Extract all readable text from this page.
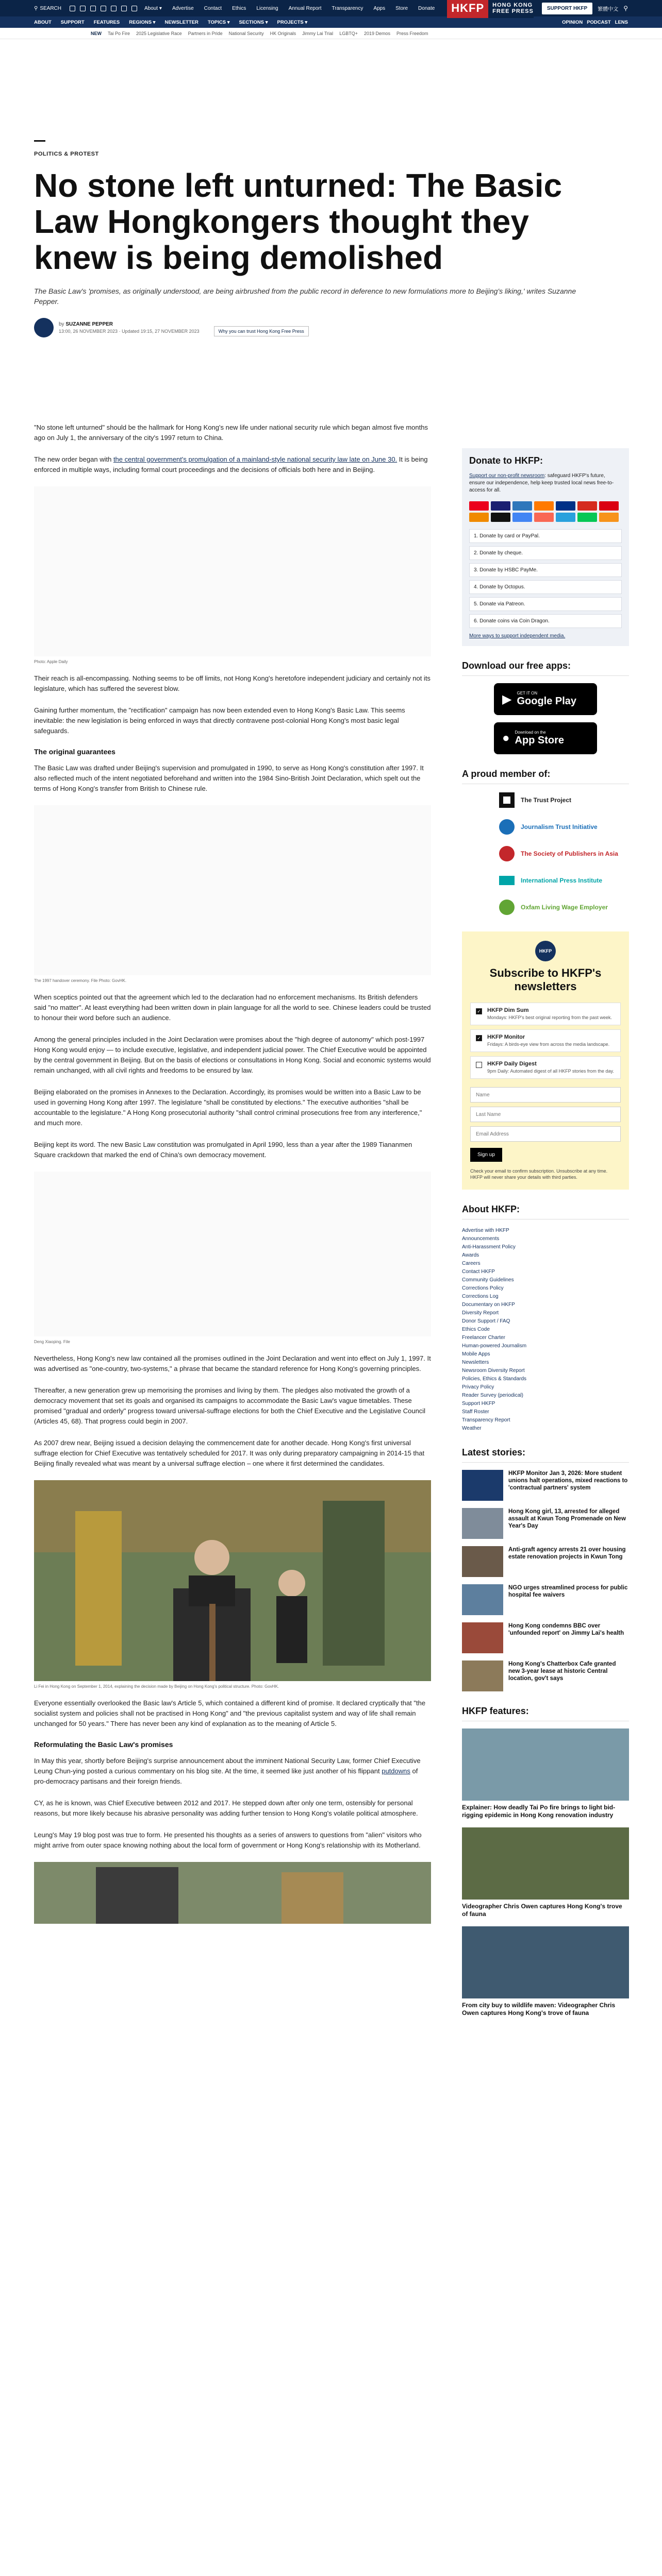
⚲ SEARCH	About ▾ Advertise Contact Ethics Licensing Annual Report Transparency Apps Store Donate	HKFP	HONG KONG
FREE PRESS	SUPPORT HKFP	繁體中文 ⚲
ABOUT SUPPORT FEATURES REGIONS ▾ NEWSLETTER TOPICS ▾ SECTIONS ▾ PROJECTS ▾	OPINION PODCAST LENS
NEW Tai Po Fire 2025 Legislative Race Partners in Pride National Security HK Originals Jimmy Lai Trial LGBTQ+ 2019 Demos Press Freedom
POLITICS & PROTEST
No stone left unturned: The Basic Law Hongkongers thought they knew is being demolished
The Basic Law's 'promises, as originally understood, are being airbrushed from the public record in deference to new formulations more to Beijing's liking,' writes Suzanne Pepper.
by SUZANNE PEPPER
13:00, 26 NOVEMBER 2023 · Updated 19:15, 27 NOVEMBER 2023	Why you can trust Hong Kong Free Press

"No stone left unturned" should be the hallmark for Hong Kong's new life under national security rule which began almost five months ago on July 1, the anniversary of the city's 1997 return to China.

The new order began with the central government's promulgation of a mainland-style national security law late on June 30. It is being enforced in multiple ways, including formal court proceedings and the decisions of officials both here and in Beijing.

Photo: Apple Daily

Their reach is all-encompassing. Nothing seems to be off limits, not Hong Kong's heretofore independent judiciary and certainly not its legislature, which has suffered the severest blow.

Gaining further momentum, the "rectification" campaign has now been extended even to Hong Kong's Basic Law. This seems inevitable: the new legislation is being enforced in ways that directly contravene post-colonial Hong Kong's most basic legal safeguards.

The original guarantees

The Basic Law was drafted under Beijing's supervision and promulgated in 1990, to serve as Hong Kong's constitution after 1997. It also reflected much of the intent negotiated beforehand and written into the 1984 Sino-British Joint Declaration, which spelt out the terms of Hong Kong's transfer from British to Chinese rule.

The 1997 handover ceremony. File Photo: GovHK.

When sceptics pointed out that the agreement which led to the declaration had no enforcement mechanisms. Its British defenders said "no matter". At least everything had been written down in plain language for all the world to see. Chinese leaders could be trusted to honour their word before such an audience.

Among the general principles included in the Joint Declaration were promises about the "high degree of autonomy" which post-1997 Hong Kong would enjoy — to include executive, legislative, and independent judicial power. The Chief Executive would be appointed by the central government in Beijing. But on the basis of elections or consultations in Hong Kong. Social and economic systems would remain unchanged, with all civil rights and freedoms to be ensured by law.

Beijing elaborated on the promises in Annexes to the Declaration. Accordingly, its promises would be written into a Basic Law to be used in governing Hong Kong after 1997. The legislature "shall be constituted by elections." The executive authorities "shall be accountable to the legislature." A Hong Kong prosecutorial authority "shall control criminal prosecutions free from any interference," and much more.

Beijing kept its word. The new Basic Law constitution was promulgated in April 1990, less than a year after the 1989 Tiananmen Square crackdown that marked the end of China's own democracy movement.

Deng Xiaoping. File

Nevertheless, Hong Kong's new law contained all the promises outlined in the Joint Declaration and went into effect on July 1, 1997. It was advertised as "one-country, two-systems," a phrase that became the standard reference for Hong Kong's governing principles.

Thereafter, a new generation grew up memorising the promises and living by them. The pledges also motivated the growth of a democracy movement that set its goals and organised its campaigns to accommodate the Basic Law's vague timetables. These promised "gradual and orderly" progress toward universal-suffrage elections for both the Chief Executive and the Legislative Council (Articles 45, 68). That progress could begin in 2007.

As 2007 drew near, Beijing issued a decision delaying the commencement date for another decade. Hong Kong's first universal suffrage election for Chief Executive was tentatively scheduled for 2017. It was only during preparatory campaigning in 2014-15 that Beijing finally revealed what was meant by a universal suffrage election – one where it first determined the candidates.

Li Fei in Hong Kong on September 1, 2014, explaining the decision made by Beijing on Hong Kong's political structure. Photo: GovHK.

Everyone essentially overlooked the Basic law's Article 5, which contained a different kind of promise. It declared cryptically that "the socialist system and policies shall not be practised in Hong Kong" and "the previous capitalist system and way of life shall remain unchanged for 50 years." There has never been any kind of explanation as to the meaning of Article 5.

Reformulating the Basic Law's promises

In May this year, shortly before Beijing's surprise announcement about the imminent National Security Law, former Chief Executive Leung Chun-ying posted a curious commentary on his blog site. At the time, it seemed like just another of his flippant putdowns of pro-democracy partisans and their foreign friends.

CY, as he is known, was Chief Executive between 2012 and 2017. He stepped down after only one term, ostensibly for personal reasons, but more likely because his abrasive personality was adding further tension to Hong Kong's volatile political atmosphere.

Leung's May 19 blog post was true to form. He presented his thoughts as a series of answers to questions from "alien" visitors who might arrive from outer space knowing nothing about the local form of government or Hong Kong's relationship with its Motherland.

Donate to HKFP:
Support our non-profit newsroom: safeguard HKFP's future, ensure our independence, help keep trusted local news free-to-access for all.
1. Donate by card or PayPal.
2. Donate by cheque.
3. Donate by HSBC PayMe.
4. Donate by Octopus.
5. Donate via Patreon.
6. Donate coins via Coin Dragon.
More ways to support independent media.
Download our free apps:
▶ GET IT ON
Google Play
● Download on the
App Store
A proud member of:
The Trust Project
Journalism Trust Initiative
The Society of Publishers in Asia
International Press Institute
Oxfam Living Wage Employer
HKFP
Subscribe to HKFP's newsletters
✓ HKFP Dim Sum
Mondays: HKFP's best original reporting from the past week.
✓ HKFP Monitor
Fridays: A birds-eye view from across the media landscape.
HKFP Daily Digest
9pm Daily: Automated digest of all HKFP stories from the day.
Name Last Name Email Address Sign up
Check your email to confirm subscription. Unsubscribe at any time. HKFP will never share your details with third parties.
About HKFP:
Advertise with HKFP
Announcements
Anti-Harassment Policy
Awards
Careers
Contact HKFP
Community Guidelines
Corrections Policy
Corrections Log
Documentary on HKFP
Diversity Report
Donor Support / FAQ
Ethics Code
Freelancer Charter
Human-powered Journalism
Mobile Apps
Newsletters
Newsroom Diversity Report
Policies, Ethics & Standards
Privacy Policy
Reader Survey (periodical)
Support HKFP
Staff Roster
Transparency Report
Weather
Latest stories:
HKFP Monitor Jan 3, 2026: More student unions halt operations, mixed reactions to 'contractual partners' system
Hong Kong girl, 13, arrested for alleged assault at Kwun Tong Promenade on New Year's Day
Anti-graft agency arrests 21 over housing estate renovation projects in Kwun Tong
NGO urges streamlined process for public hospital fee waivers
Hong Kong condemns BBC over 'unfounded report' on Jimmy Lai's health
Hong Kong's Chatterbox Cafe granted new 3-year lease at historic Central location, gov't says
HKFP features:
Explainer: How deadly Tai Po fire brings to light bid-rigging epidemic in Hong Kong renovation industry
Videographer Chris Owen captures Hong Kong's trove of fauna
From city buy to wildlife maven: Videographer Chris Owen captures Hong Kong's trove of fauna
